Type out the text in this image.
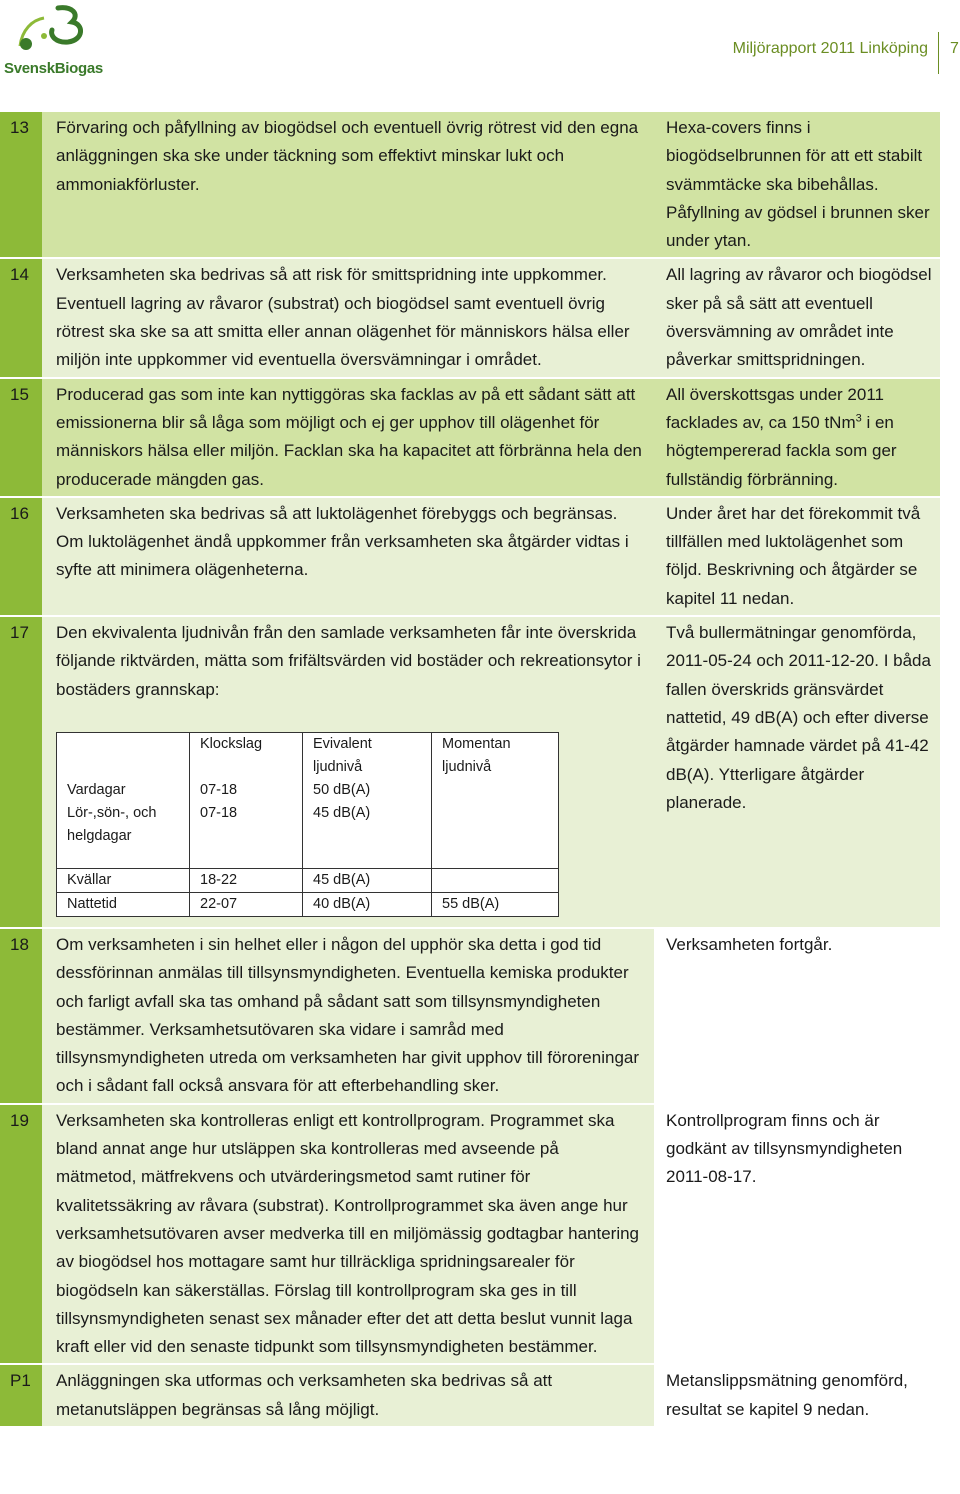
SvenskBiogas
Miljörapport 2011 Linköping 7
13	Förvaring och påfyllning av biogödsel och eventuell övrig rötrest vid den egna anläggningen ska ske under täckning som effektivt minskar lukt och ammoniakförluster.	Hexa-covers finns i biogödselbrunnen för att ett stabilt svämmtäcke ska bibehållas. Påfyllning av gödsel i brunnen sker under ytan.
14	Verksamheten ska bedrivas så att risk för smittspridning inte uppkommer. Eventuell lagring av råvaror (substrat) och biogödsel samt eventuell övrig rötrest ska ske sa att smitta eller annan olägenhet för människors hälsa eller miljön inte uppkommer vid eventuella översvämningar i området.	All lagring av råvaror och biogödsel sker på så sätt att eventuell översvämning av området inte påverkar smittspridningen.
15	Producerad gas som inte kan nyttiggöras ska facklas av på ett sådant sätt att emissionerna blir så låga som möjligt och ej ger upphov till olägenhet för människors hälsa eller miljön. Facklan ska ha kapacitet att förbränna hela den producerade mängden gas.	All överskottsgas under 2011 facklades av, ca 150 tNm$^3$ i en högtempererad fackla som ger fullständig förbränning.
16	Verksamheten ska bedrivas så att luktolägenhet förebyggs och begränsas. Om luktolägenhet ändå uppkommer från verksamheten ska åtgärder vidtas i syfte att minimera olägenheterna.	Under året har det förekommit två tillfällen med luktolägenhet som följd. Beskrivning och åtgärder se kapitel 11 nedan.
17	Den ekvivalenta ljudnivån från den samlade verksamheten får inte överskrida följande riktvärden, mätta som frifältsvärden vid bostäder och rekreationsytor i bostäders grannskap:
	Klockslag	Evivalent ljudnivå	Momentan ljudnivå
Vardagar	07-18	50 dB(A)	
Lör-,sön-, och helgdagar	07-18	45 dB(A)	
Kvällar	18-22	45 dB(A)	
Nattetid	22-07	40 dB(A)	55 dB(A)
	Två bullermätningar genomförda, 2011-05-24 och 2011-12-20. I båda fallen överskrids gränsvärdet nattetid, 49 dB(A) och efter diverse åtgärder hamnade värdet på 41-42 dB(A). Ytterligare åtgärder planerade.
18	Om verksamheten i sin helhet eller i någon del upphör ska detta i god tid dessförinnan anmälas till tillsynsmyndigheten. Eventuella kemiska produkter och farligt avfall ska tas omhand på sådant satt som tillsynsmyndigheten bestämmer. Verksamhetsutövaren ska vidare i samråd med tillsynsmyndigheten utreda om verksamheten har givit upphov till föroreningar och i sådant fall också ansvara för att efterbehandling sker.	Verksamheten fortgår.
19	Verksamheten ska kontrolleras enligt ett kontrollprogram. Programmet ska bland annat ange hur utsläppen ska kontrolleras med avseende på mätmetod, mätfrekvens och utvärderingsmetod samt rutiner för kvalitetssäkring av råvara (substrat). Kontrollprogrammet ska även ange hur verksamhetsutövaren avser medverka till en miljömässig godtagbar hantering av biogödsel hos mottagare samt hur tillräckliga spridningsarealer för biogödseln kan säkerställas. Förslag till kontrollprogram ska ges in till tillsynsmyndigheten senast sex månader efter det att detta beslut vunnit laga kraft eller vid den senaste tidpunkt som tillsynsmyndigheten bestämmer.	Kontrollprogram finns och är godkänt av tillsynsmyndigheten 2011-08-17.
P1	Anläggningen ska utformas och verksamheten ska bedrivas så att metanutsläppen begränsas så lång möjligt.	Metanslippsmätning genomförd, resultat se kapitel 9 nedan.
